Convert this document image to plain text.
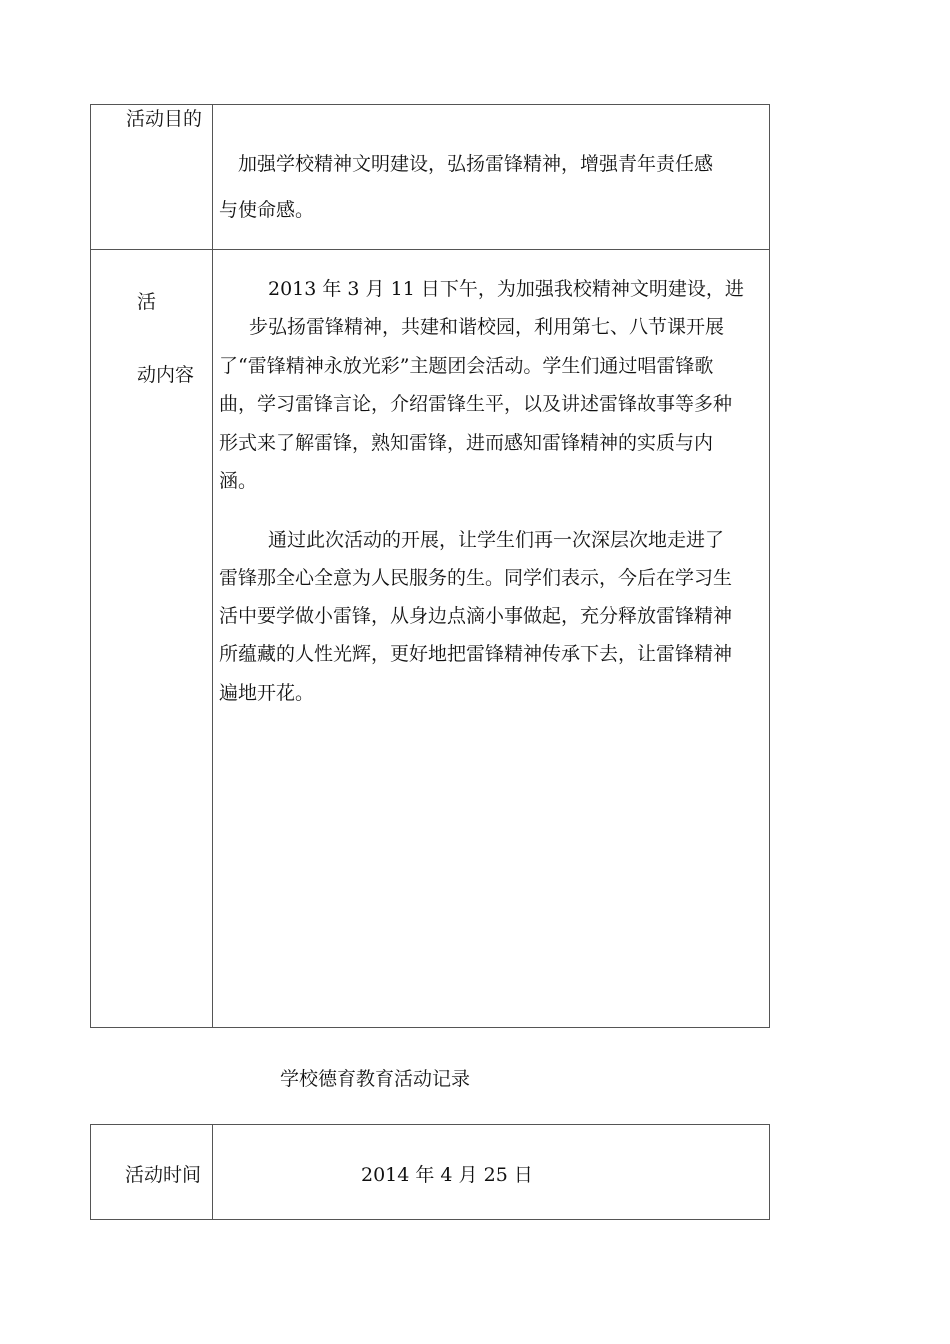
活动目的
加强学校精神文明建设，弘扬雷锋精神，增强青年责任感
与使命感。
活
动内容
2013 年 3 月 11 日下午，为加强我校精神文明建设，进
步弘扬雷锋精神，共建和谐校园，利用第七、八节课开展
了“雷锋精神永放光彩”主题团会活动。学生们通过唱雷锋歌
曲，学习雷锋言论，介绍雷锋生平，以及讲述雷锋故事等多种
形式来了解雷锋，熟知雷锋，进而感知雷锋精神的实质与内
涵。
通过此次活动的开展，让学生们再一次深层次地走进了
雷锋那全心全意为人民服务的生。同学们表示，今后在学习生
活中要学做小雷锋，从身边点滴小事做起，充分释放雷锋精神
所蕴藏的人性光辉，更好地把雷锋精神传承下去，让雷锋精神
遍地开花。
学校德育教育活动记录
活动时间	2014 年 4 月 25 日
